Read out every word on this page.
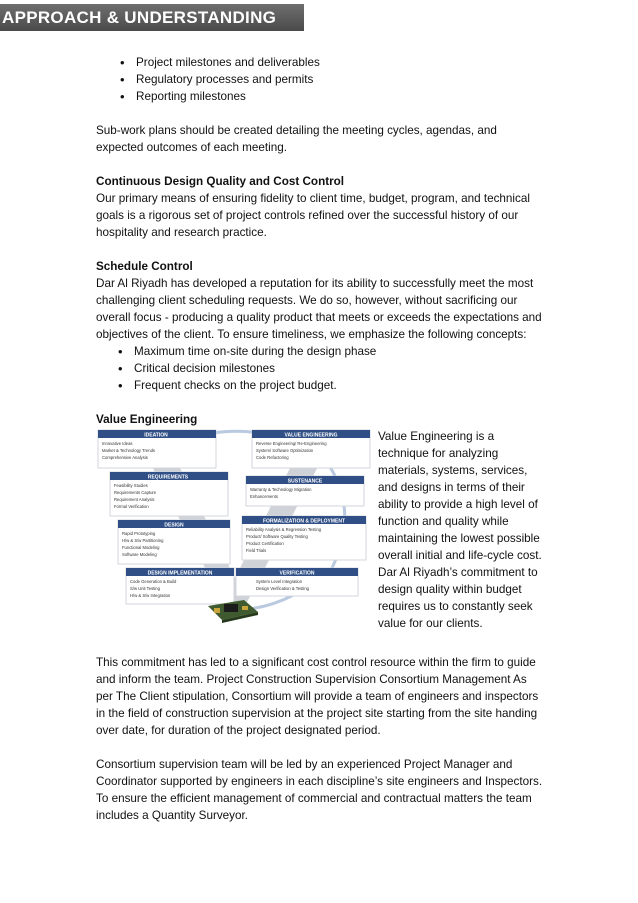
APPROACH & UNDERSTANDING
• Project milestones and deliverables
• Regulatory processes and permits
• Reporting milestones

Sub-work plans should be created detailing the meeting cycles, agendas, and expected outcomes of each meeting.

Continuous Design Quality and Cost Control

Our primary means of ensuring fidelity to client time, budget, program, and technical goals is a rigorous set of project controls refined over the successful history of our hospitality and research practice.

Schedule Control

Dar Al Riyadh has developed a reputation for its ability to successfully meet the most challenging client scheduling requests. We do so, however, without sacrificing our overall focus - producing a quality product that meets or exceeds the expectations and objectives of the client. To ensure timeliness, we emphasize the following concepts:

• Maximum time on-site during the design phase
• Critical decision milestones
• Frequent checks on the project budget.

Value Engineering

IDEATION
Innovative Ideas
Market & Technology Trends
Comprehensive Analysis
REQUIREMENTS
Feasibility Studies
Requirements Capture
Requirement Analysis
Formal Verification
DESIGN
Rapid Prototyping
H/w & S/w Partitioning
Functional Modeling
Software Modeling
DESIGN IMPLEMENTATION
Code Generation & Build
S/w Unit Testing
H/w & S/w Integration
VALUE ENGINEERING
Reverse Engineering/ Re-Engineering
System/ Software Optimization
Code Refactoring
SUSTENANCE
Warranty & Technology Migration
Enhancements
FORMALIZATION & DEPLOYMENT
Reliability Analysis & Regression Testing
Product/ Software Quality Testing
Product Certification
Field Trials
VERIFICATION
System Level Integration
Design Verification & Testing

Value Engineering is a technique for analyzing materials, systems, services, and designs in terms of their ability to provide a high level of function and quality while maintaining the lowest possible overall initial and life-cycle cost. Dar Al Riyadh’s commitment to design quality within budget requires us to constantly seek value for our clients.

This commitment has led to a significant cost control resource within the firm to guide and inform the team. Project Construction Supervision Consortium Management As per The Client stipulation, Consortium will provide a team of engineers and inspectors in the field of construction supervision at the project site starting from the site handing over date, for duration of the project designated period.

Consortium supervision team will be led by an experienced Project Manager and Coordinator supported by engineers in each discipline’s site engineers and Inspectors. To ensure the efficient management of commercial and contractual matters the team includes a Quantity Surveyor.
